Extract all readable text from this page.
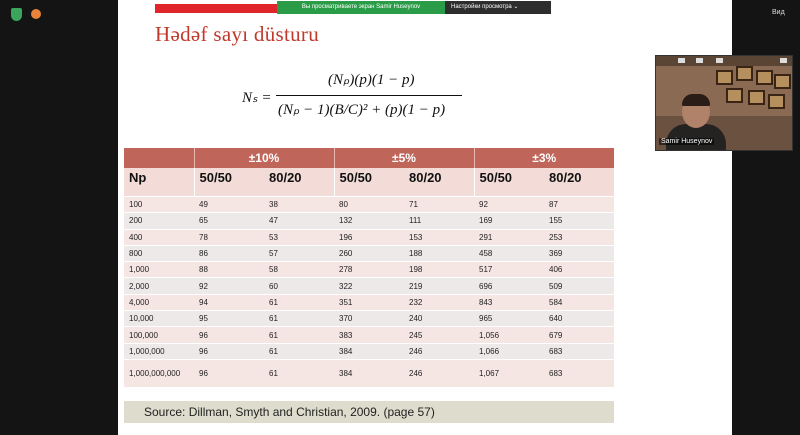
Вы просматриваете экран Samir Huseynov	Настройки просмотра ⌄
Hədəf sayı düsturu
Nₛ =
(Nₚ)(p)(1 − p)
(Nₚ − 1)(B/C)² + (p)(1 − p)
	±10%		±5%		±3%	
Np	50/50	80/20	50/50	80/20	50/50	80/20
100	49	38	80	71	92	87
200	65	47	132	111	169	155
400	78	53	196	153	291	253
800	86	57	260	188	458	369
1,000	88	58	278	198	517	406
2,000	92	60	322	219	696	509
4,000	94	61	351	232	843	584
10,000	95	61	370	240	965	640
100,000	96	61	383	245	1,056	679
1,000,000	96	61	384	246	1,066	683
1,000,000,000	96	61	384	246	1,067	683
Source: Dillman, Smyth and Christian, 2009. (page 57)
Вид
Samir Huseynov
